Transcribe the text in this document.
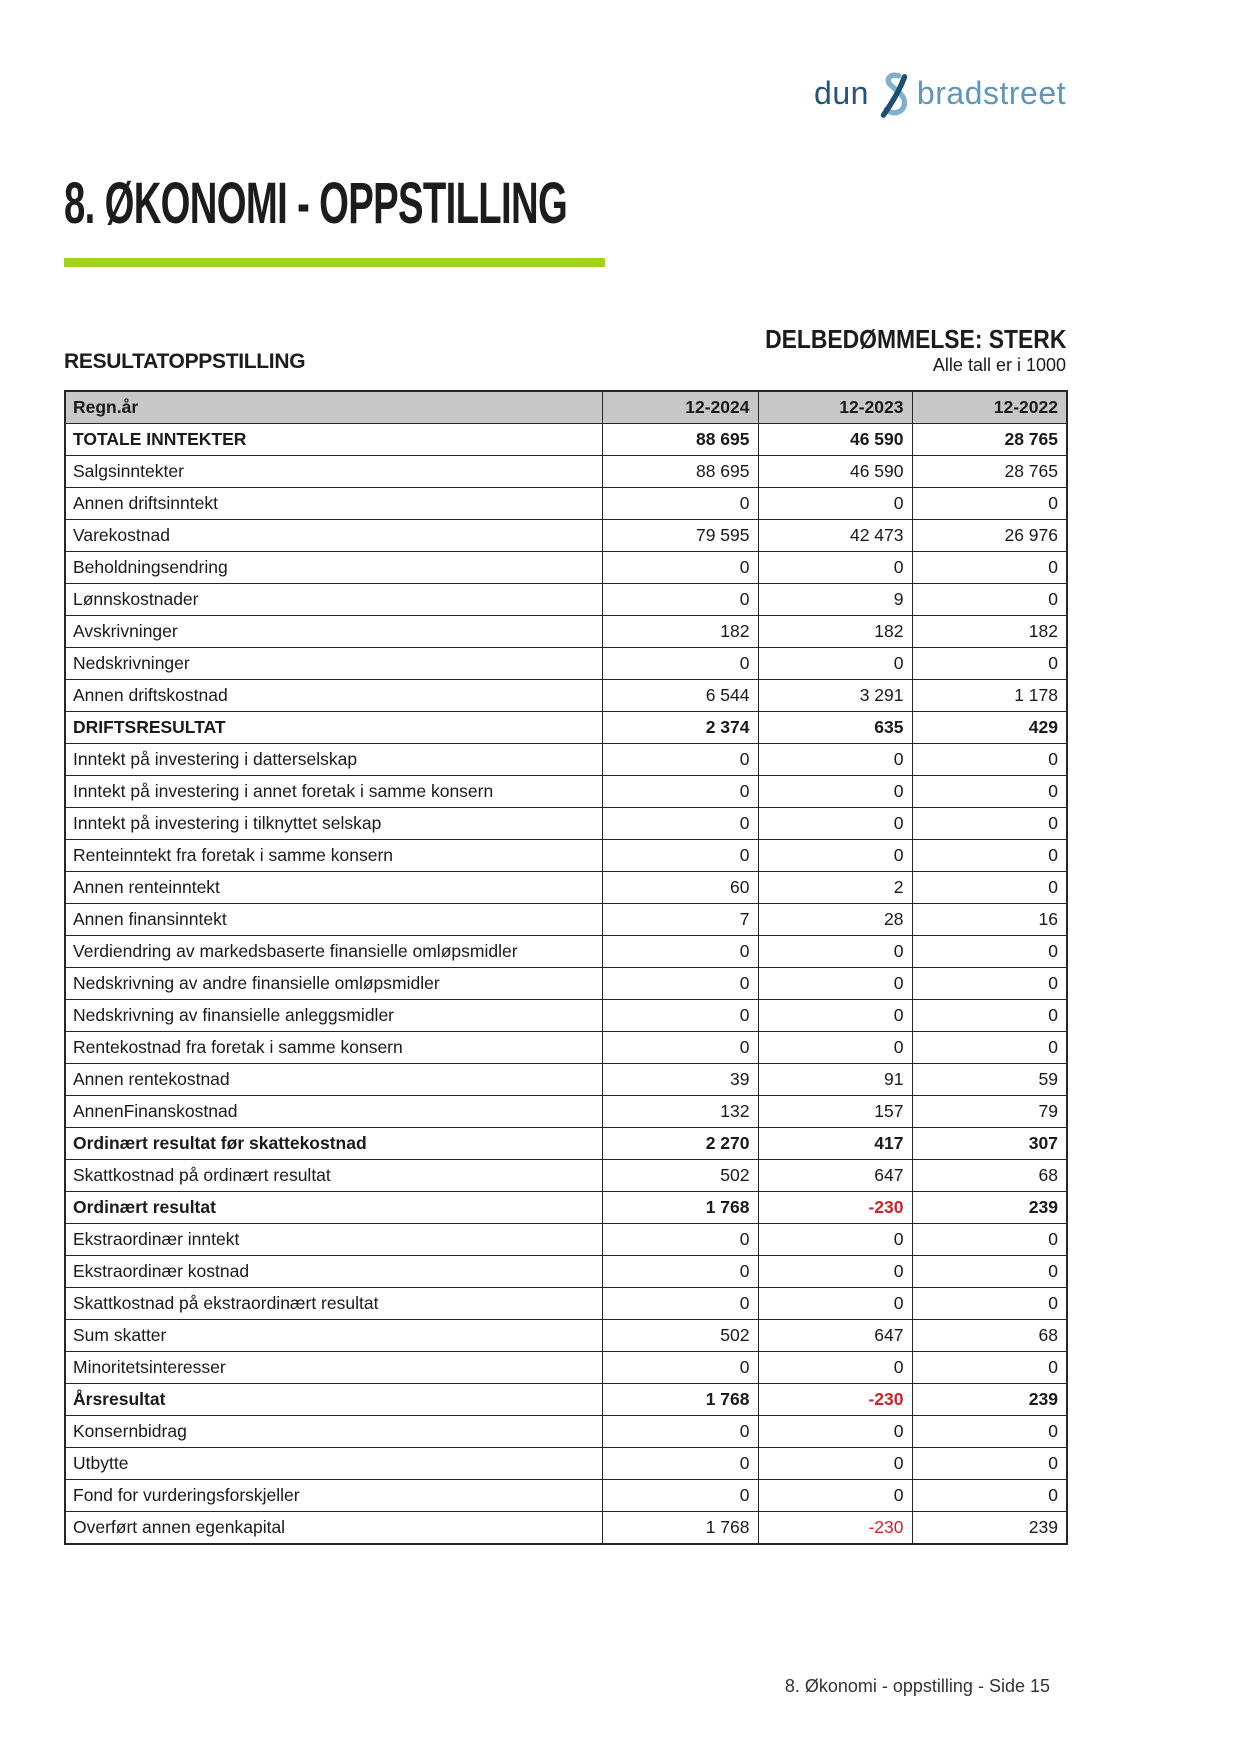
dun bradstreet
8. ØKONOMI - OPPSTILLING
DELBEDØMMELSE: STERK
RESULTATOPPSTILLING	Alle tall er i 1000
Regn.år	12-2024	12-2023	12-2022
TOTALE INNTEKTER	88 695	46 590	28 765
Salgsinntekter	88 695	46 590	28 765
Annen driftsinntekt	0	0	0
Varekostnad	79 595	42 473	26 976
Beholdningsendring	0	0	0
Lønnskostnader	0	9	0
Avskrivninger	182	182	182
Nedskrivninger	0	0	0
Annen driftskostnad	6 544	3 291	1 178
DRIFTSRESULTAT	2 374	635	429
Inntekt på investering i datterselskap	0	0	0
Inntekt på investering i annet foretak i samme konsern	0	0	0
Inntekt på investering i tilknyttet selskap	0	0	0
Renteinntekt fra foretak i samme konsern	0	0	0
Annen renteinntekt	60	2	0
Annen finansinntekt	7	28	16
Verdiendring av markedsbaserte finansielle omløpsmidler	0	0	0
Nedskrivning av andre finansielle omløpsmidler	0	0	0
Nedskrivning av finansielle anleggsmidler	0	0	0
Rentekostnad fra foretak i samme konsern	0	0	0
Annen rentekostnad	39	91	59
AnnenFinanskostnad	132	157	79
Ordinært resultat før skattekostnad	2 270	417	307
Skattkostnad på ordinært resultat	502	647	68
Ordinært resultat	1 768	-230	239
Ekstraordinær inntekt	0	0	0
Ekstraordinær kostnad	0	0	0
Skattkostnad på ekstraordinært resultat	0	0	0
Sum skatter	502	647	68
Minoritetsinteresser	0	0	0
Årsresultat	1 768	-230	239
Konsernbidrag	0	0	0
Utbytte	0	0	0
Fond for vurderingsforskjeller	0	0	0
Overført annen egenkapital	1 768	-230	239
8. Økonomi - oppstilling - Side 15
